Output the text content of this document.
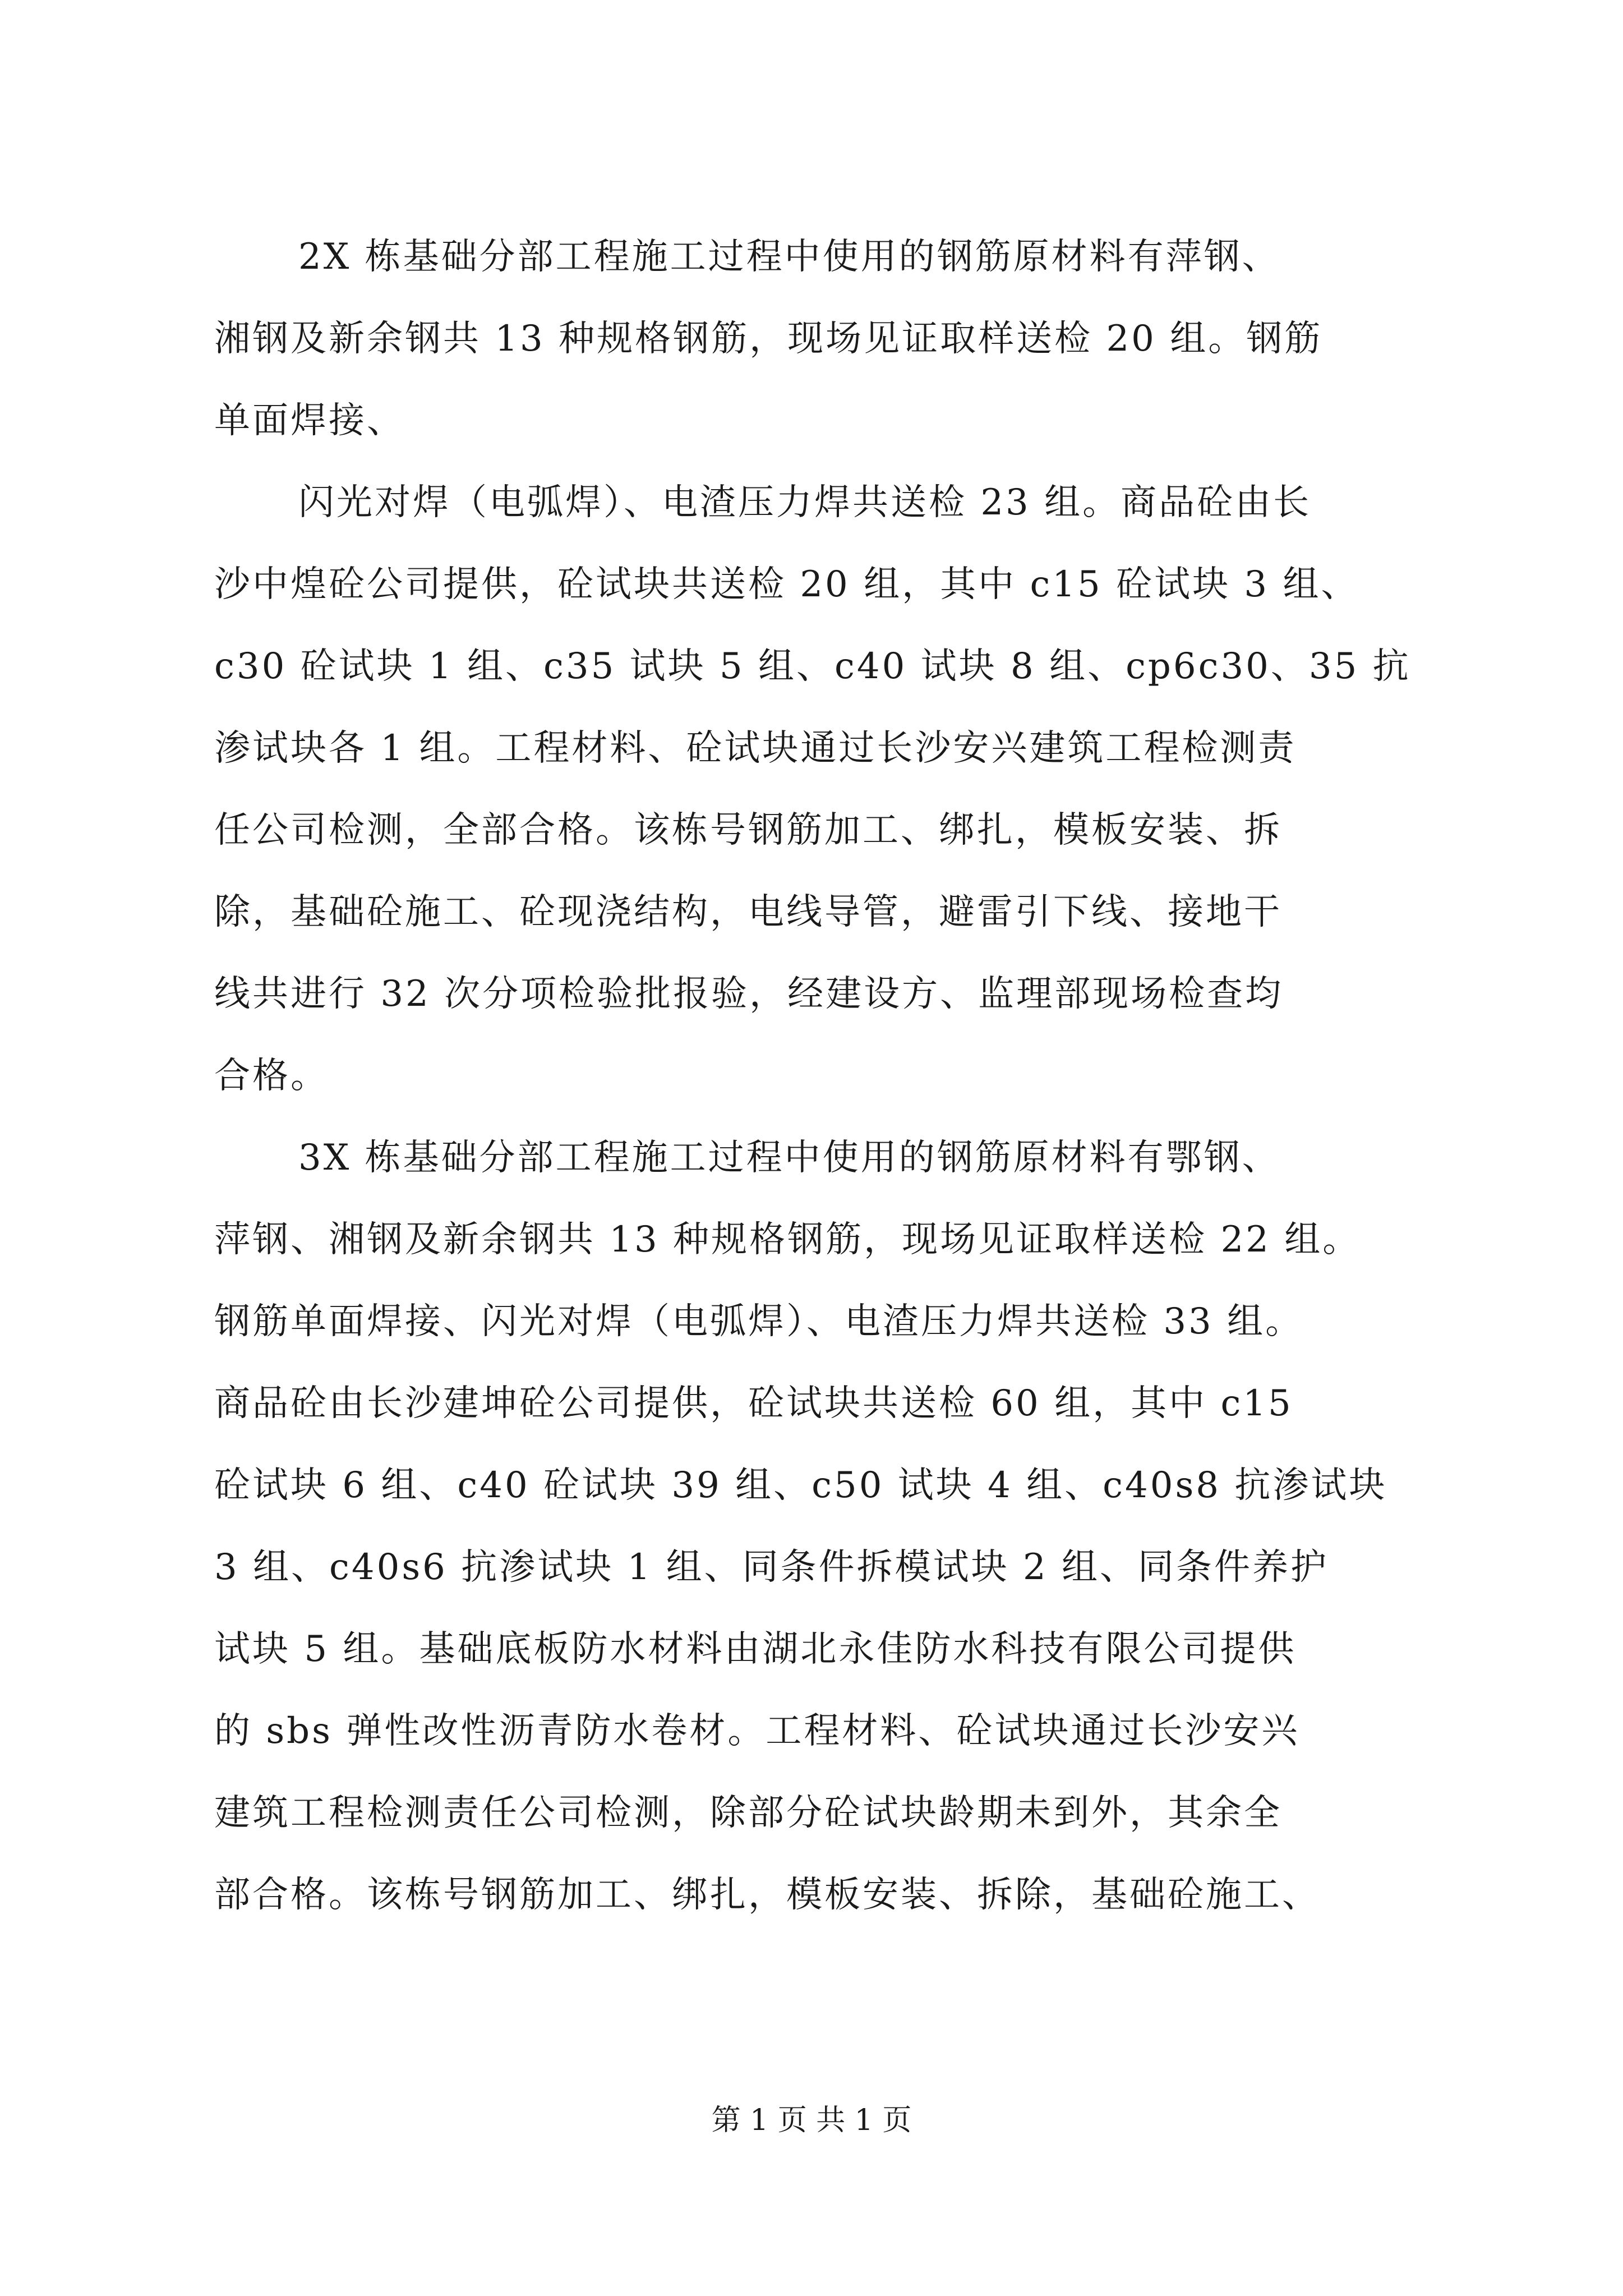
2X 栋基础分部工程施工过程中使用的钢筋原材料有萍钢、
湘钢及新余钢共 13 种规格钢筋，现场见证取样送检 20 组。钢筋
单面焊接、
闪光对焊（电弧焊）、电渣压力焊共送检 23 组。商品砼由长
沙中煌砼公司提供，砼试块共送检 20 组，其中 c15 砼试块 3 组、
c30 砼试块 1 组、c35 试块 5 组、c40 试块 8 组、cp6c30、35 抗
渗试块各 1 组。工程材料、砼试块通过长沙安兴建筑工程检测责
任公司检测，全部合格。该栋号钢筋加工、绑扎，模板安装、拆
除，基础砼施工、砼现浇结构，电线导管，避雷引下线、接地干
线共进行 32 次分项检验批报验，经建设方、监理部现场检查均
合格。
3X 栋基础分部工程施工过程中使用的钢筋原材料有鄂钢、
萍钢、湘钢及新余钢共 13 种规格钢筋，现场见证取样送检 22 组。
钢筋单面焊接、闪光对焊（电弧焊）、电渣压力焊共送检 33 组。
商品砼由长沙建坤砼公司提供，砼试块共送检 60 组，其中 c15
砼试块 6 组、c40 砼试块 39 组、c50 试块 4 组、c40s8 抗渗试块
3 组、c40s6 抗渗试块 1 组、同条件拆模试块 2 组、同条件养护
试块 5 组。基础底板防水材料由湖北永佳防水科技有限公司提供
的 sbs 弹性改性沥青防水卷材。工程材料、砼试块通过长沙安兴
建筑工程检测责任公司检测，除部分砼试块龄期未到外，其余全
部合格。该栋号钢筋加工、绑扎，模板安装、拆除，基础砼施工、
第 1 页 共 1 页
